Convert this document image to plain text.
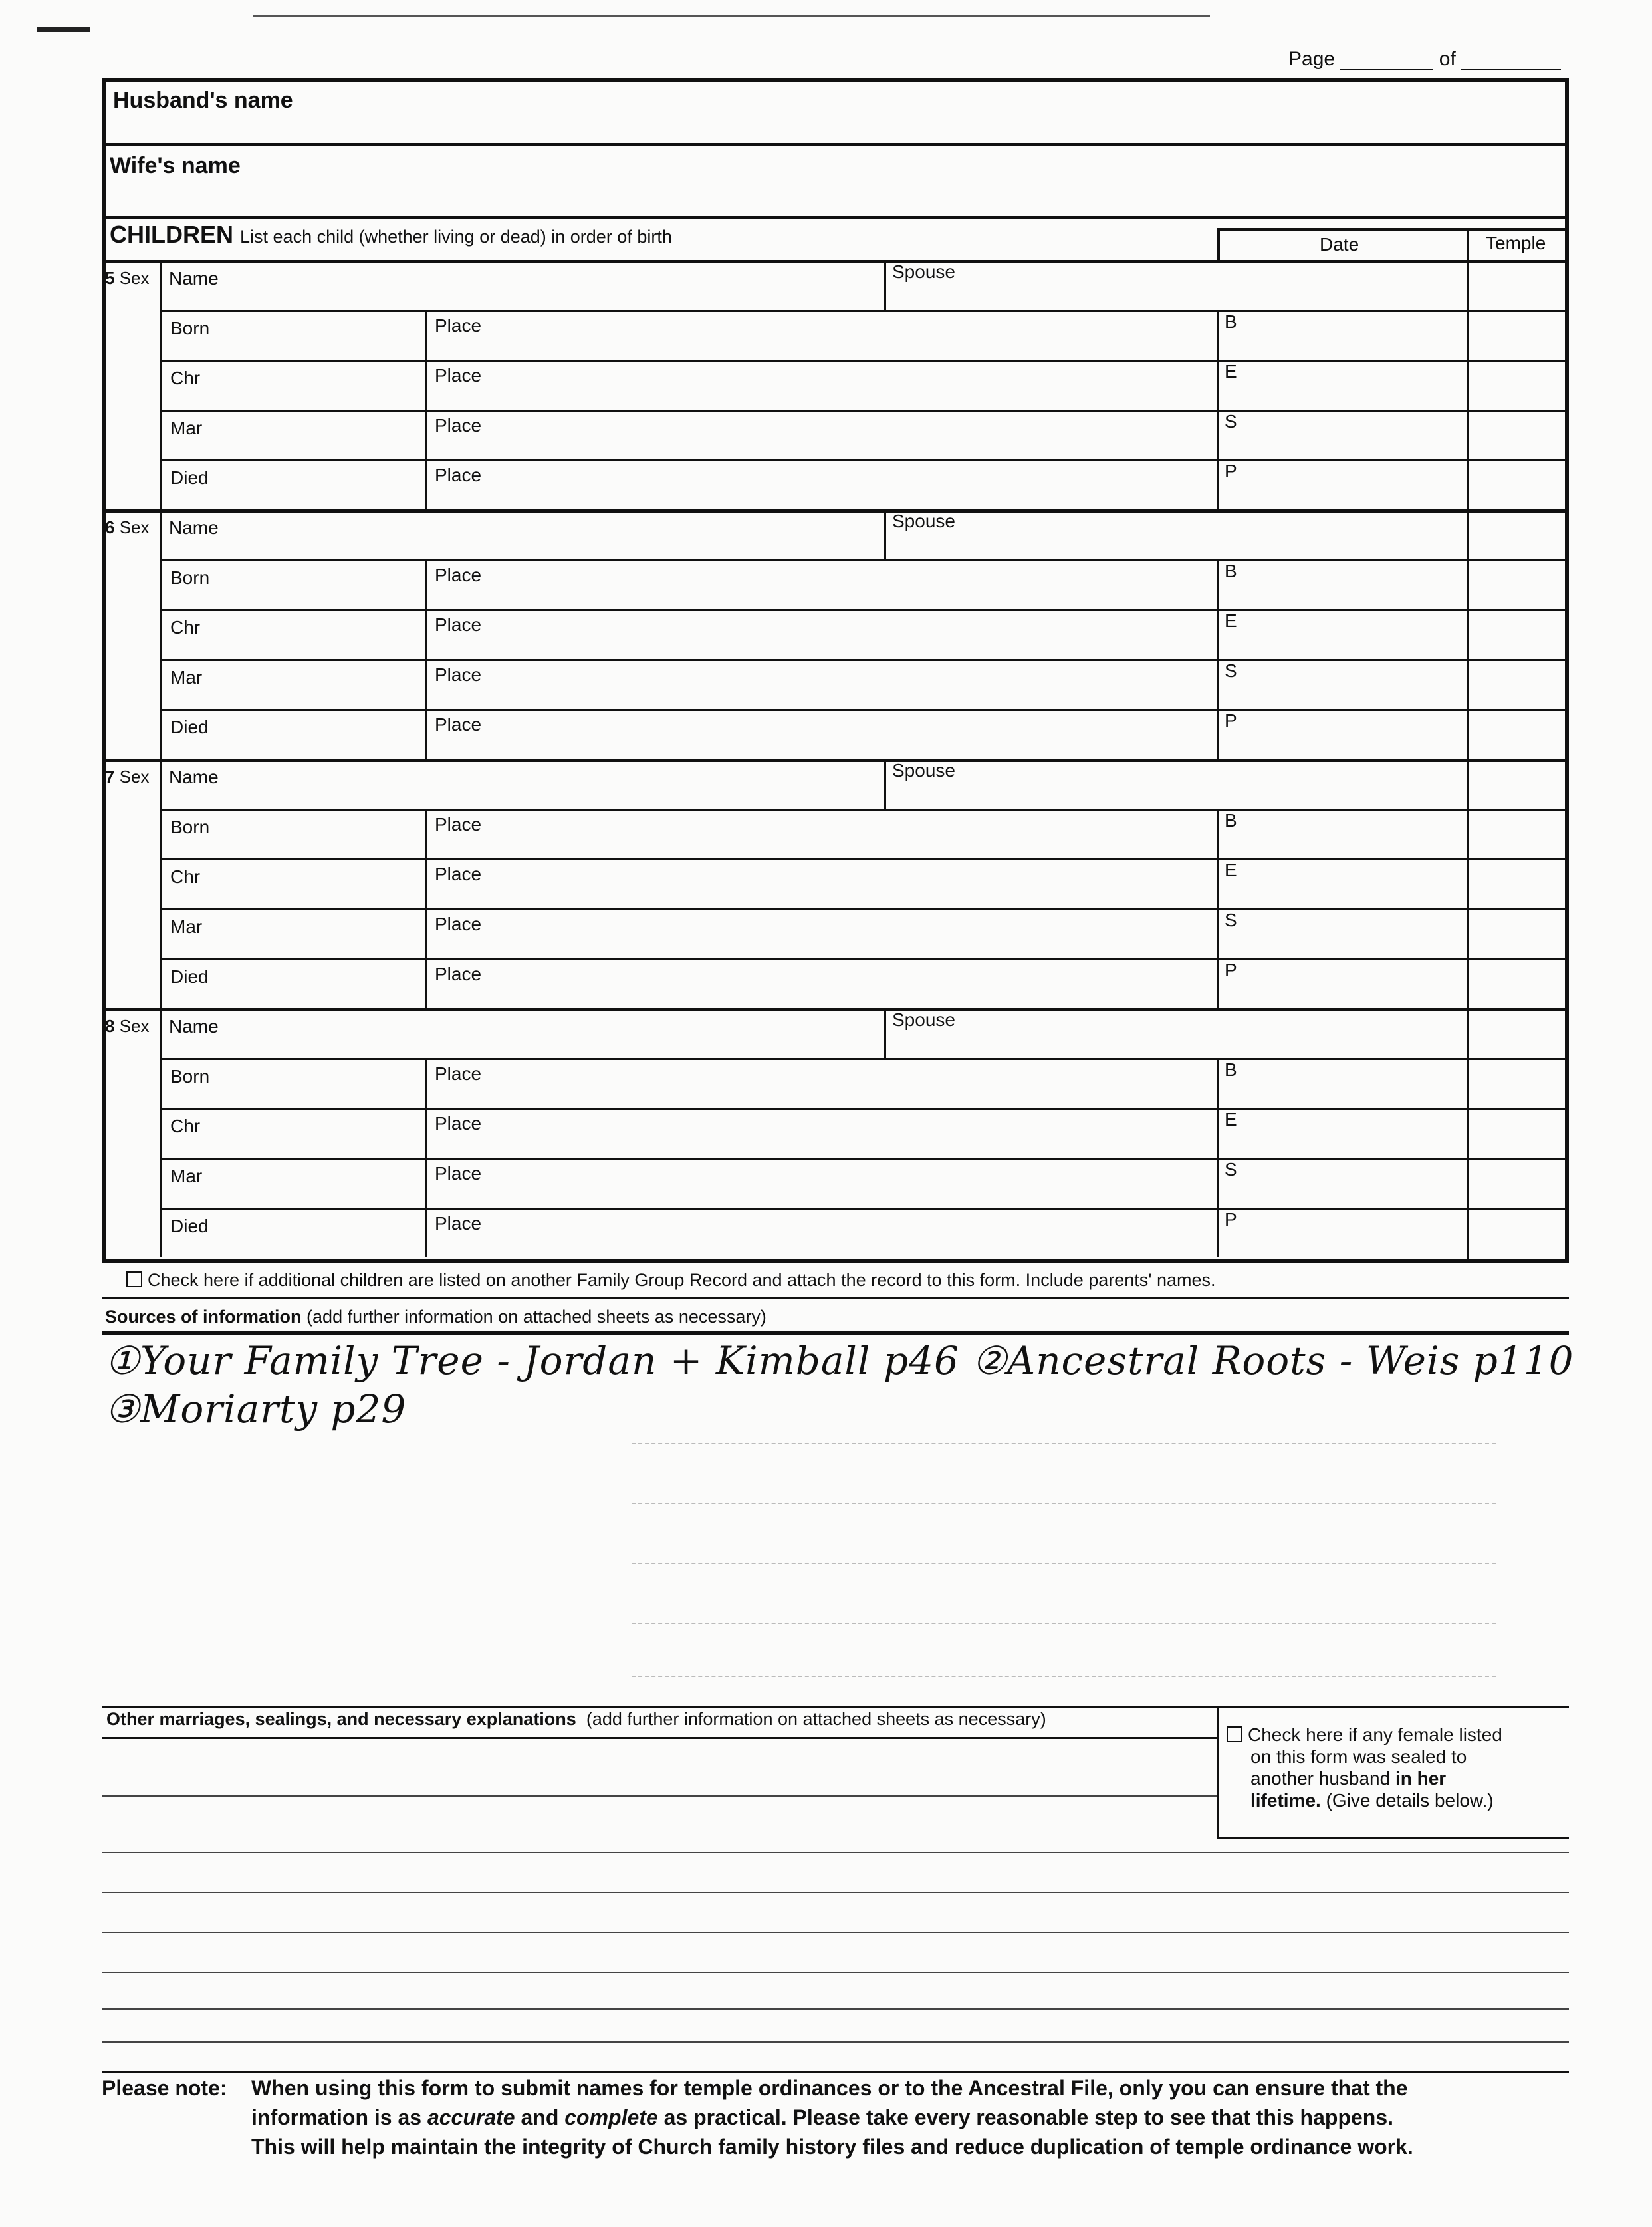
Page	of
Husband's name
Wife's name
CHILDREN List each child (whether living or dead) in order of birth	Date	Temple
5 Sex Name	Spouse
Born	Place	B
Chr	Place	E
Mar	Place	S
Died	Place	P
6 Sex Name	Spouse
Born	Place	B
Chr	Place	E
Mar	Place	S
Died	Place	P
7 Sex Name	Spouse
Born	Place	B
Chr	Place	E
Mar	Place	S
Died	Place	P
8 Sex Name	Spouse
Born	Place	B
Chr	Place	E
Mar	Place	S
Died	Place	P
Check here if additional children are listed on another Family Group Record and attach the record to this form. Include parents' names.
Sources of information (add further information on attached sheets as necessary)
①Your Family Tree - Jordan + Kimball p46 ②Ancestral Roots - Weis p110
③Moriarty p29
Other marriages, sealings, and necessary explanations (add further information on attached sheets as necessary)
Check here if any female listed
on this form was sealed to
another husband in her
lifetime. (Give details below.)
Please note: When using this form to submit names for temple ordinances or to the Ancestral File, only you can ensure that the
information is as accurate and complete as practical. Please take every reasonable step to see that this happens.
This will help maintain the integrity of Church family history files and reduce duplication of temple ordinance work.
